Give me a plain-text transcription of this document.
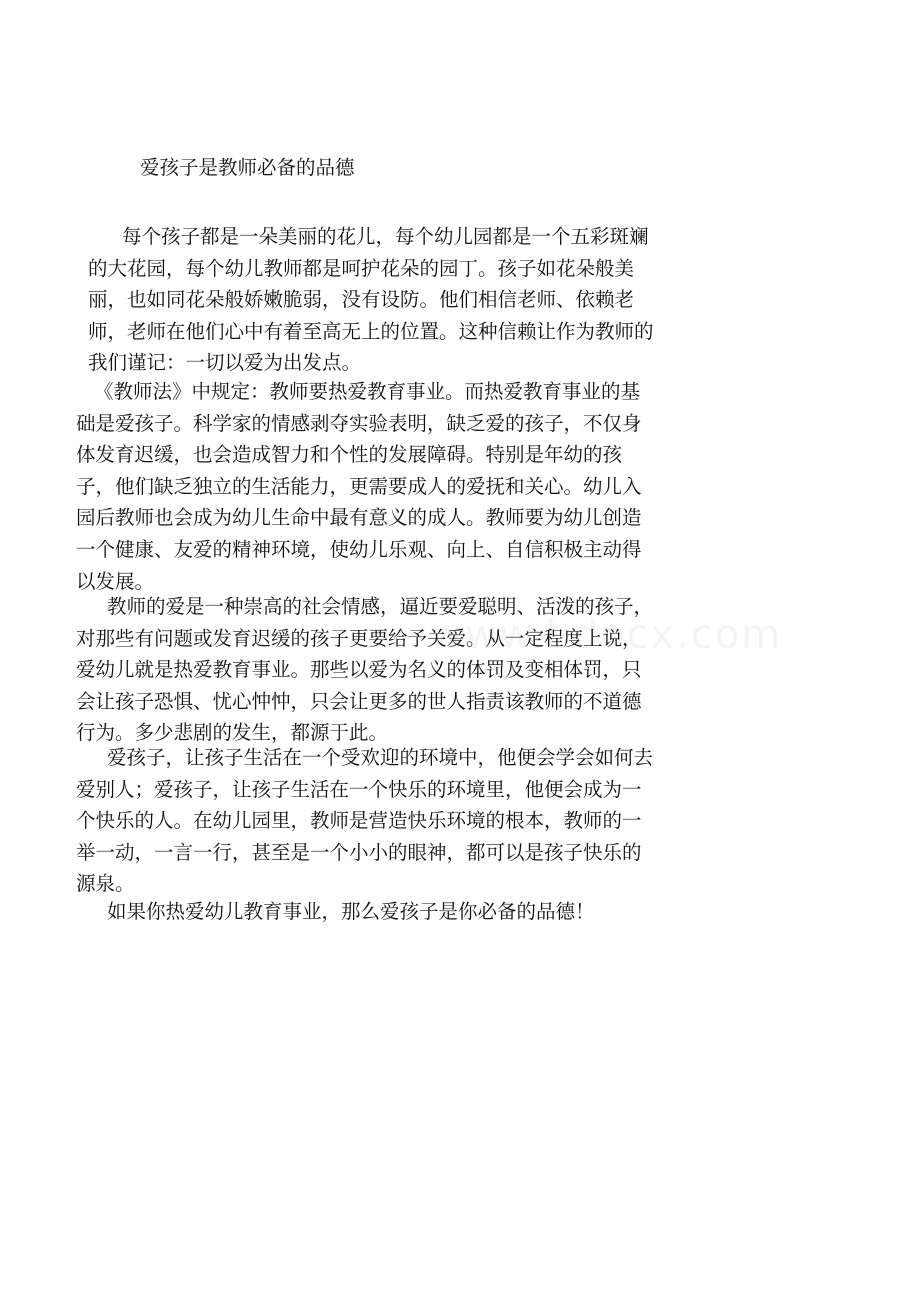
爱孩子是教师必备的品德

每个孩子都是一朵美丽的花儿，每个幼儿园都是一个五彩斑斓
的大花园，每个幼儿教师都是呵护花朵的园丁。孩子如花朵般美
丽，也如同花朵般娇嫩脆弱，没有设防。他们相信老师、依赖老
师，老师在他们心中有着至高无上的位置。这种信赖让作为教师的
我们谨记：一切以爱为出发点。

《教师法》中规定：教师要热爱教育事业。而热爱教育事业的基
础是爱孩子。科学家的情感剥夺实验表明，缺乏爱的孩子，不仅身
体发育迟缓，也会造成智力和个性的发展障碍。特别是年幼的孩
子，他们缺乏独立的生活能力，更需要成人的爱抚和关心。幼儿入
园后教师也会成为幼儿生命中最有意义的成人。教师要为幼儿创造
一个健康、友爱的精神环境，使幼儿乐观、向上、自信积极主动得
以发展。

教师的爱是一种崇高的社会情感，逼近要爱聪明、活泼的孩子，
对那些有问题或发育迟缓的孩子更要给予关爱。从一定程度上说，
爱幼儿就是热爱教育事业。那些以爱为名义的体罚及变相体罚，只
会让孩子恐惧、忧心忡忡，只会让更多的世人指责该教师的不道德
行为。多少悲剧的发生，都源于此。

爱孩子，让孩子生活在一个受欢迎的环境中，他便会学会如何去
爱别人；爱孩子，让孩子生活在一个快乐的环境里，他便会成为一
个快乐的人。在幼儿园里，教师是营造快乐环境的根本，教师的一
举一动，一言一行，甚至是一个小小的眼神，都可以是孩子快乐的
源泉。

如果你热爱幼儿教育事业，那么爱孩子是你必备的品德！
